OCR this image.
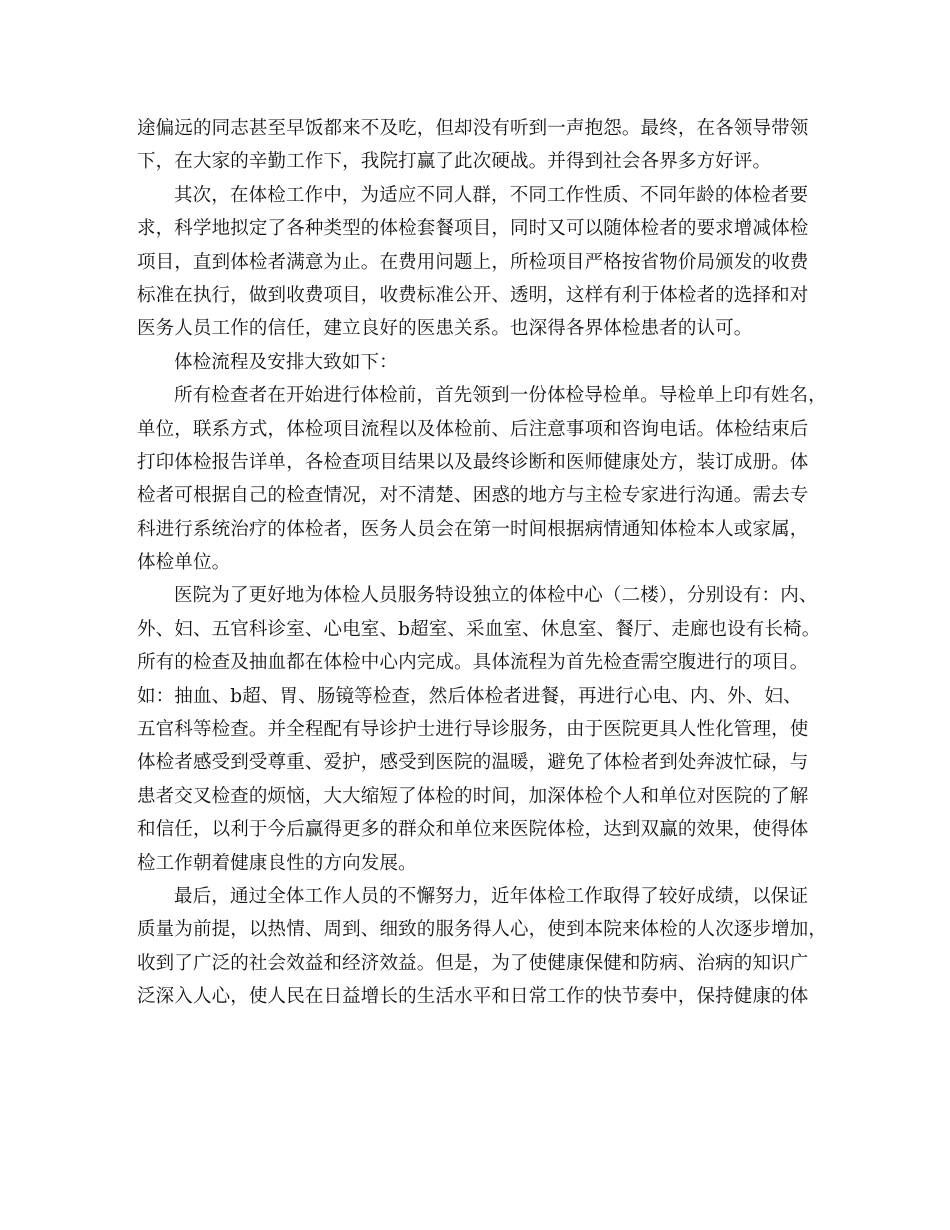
途偏远的同志甚至早饭都来不及吃，但却没有听到一声抱怨。最终，在各领导带领
下，在大家的辛勤工作下，我院打赢了此次硬战。并得到社会各界多方好评。
其次，在体检工作中，为适应不同人群，不同工作性质、不同年龄的体检者要
求，科学地拟定了各种类型的体检套餐项目，同时又可以随体检者的要求增减体检
项目，直到体检者满意为止。在费用问题上，所检项目严格按省物价局颁发的收费
标准在执行，做到收费项目，收费标准公开、透明，这样有利于体检者的选择和对
医务人员工作的信任，建立良好的医患关系。也深得各界体检患者的认可。
体检流程及安排大致如下：
所有检查者在开始进行体检前，首先领到一份体检导检单。导检单上印有姓名，
单位，联系方式，体检项目流程以及体检前、后注意事项和咨询电话。体检结束后
打印体检报告详单，各检查项目结果以及最终诊断和医师健康处方，装订成册。体
检者可根据自己的检查情况，对不清楚、困惑的地方与主检专家进行沟通。需去专
科进行系统治疗的体检者，医务人员会在第一时间根据病情通知体检本人或家属，
体检单位。
医院为了更好地为体检人员服务特设独立的体检中心（二楼），分别设有：内、
外、妇、五官科诊室、心电室、b超室、采血室、休息室、餐厅、走廊也设有长椅。
所有的检查及抽血都在体检中心内完成。具体流程为首先检查需空腹进行的项目。
如：抽血、b超、胃、肠镜等检查，然后体检者进餐，再进行心电、内、外、妇、
五官科等检查。并全程配有导诊护士进行导诊服务，由于医院更具人性化管理，使
体检者感受到受尊重、爱护，感受到医院的温暖，避免了体检者到处奔波忙碌，与
患者交叉检查的烦恼，大大缩短了体检的时间，加深体检个人和单位对医院的了解
和信任，以利于今后赢得更多的群众和单位来医院体检，达到双赢的效果，使得体
检工作朝着健康良性的方向发展。
最后，通过全体工作人员的不懈努力，近年体检工作取得了较好成绩，以保证
质量为前提，以热情、周到、细致的服务得人心，使到本院来体检的人次逐步增加，
收到了广泛的社会效益和经济效益。但是，为了使健康保健和防病、治病的知识广
泛深入人心，使人民在日益增长的生活水平和日常工作的快节奏中，保持健康的体
